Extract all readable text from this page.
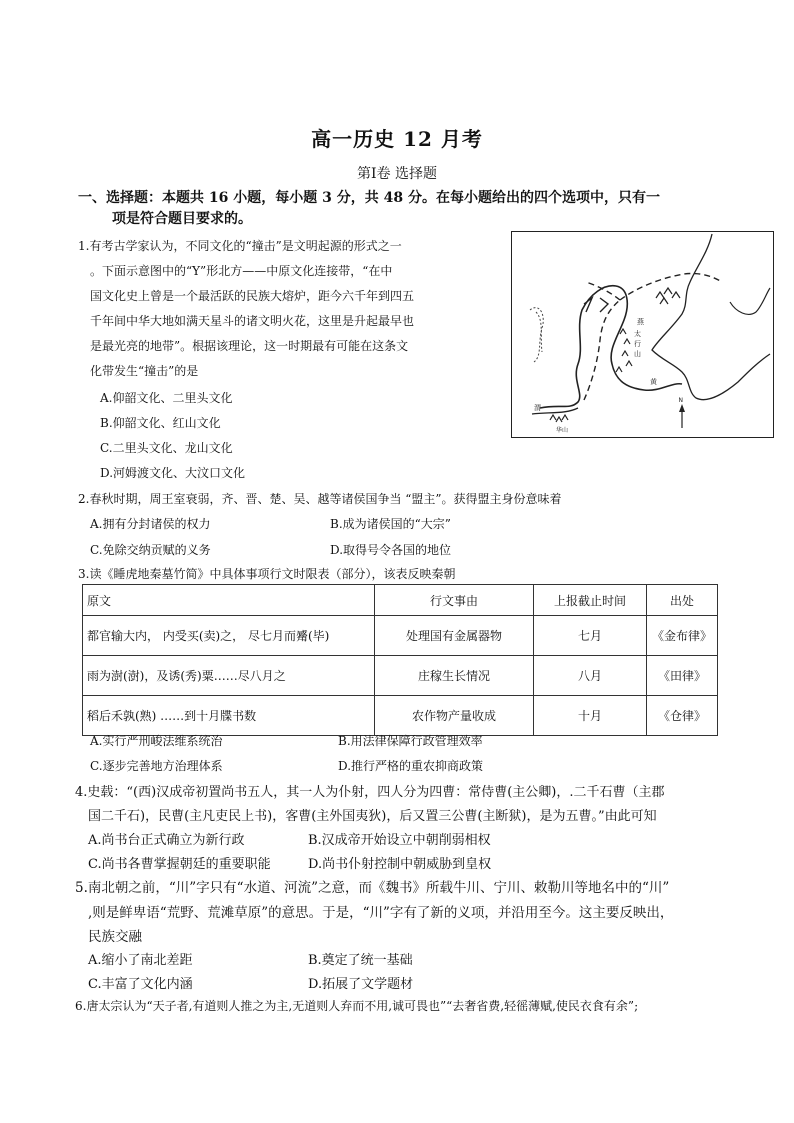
高一历史 12 月考
第Ⅰ卷 选择题
一、选择题：本题共 16 小题，每小题 3 分，共 48 分。在每小题给出的四个选项中，只有一
项是符合题目要求的。
1.有考古学家认为，不同文化的“撞击”是文明起源的形式之一
。下面示意图中的“Y”形北方——中原文化连接带，“在中
国文化史上曾是一个最活跃的民族大熔炉，距今六千年到四五
千年间中华大地如满天星斗的诸文明火花，这里是升起最早也
是最光亮的地带”。根据该理论，这一时期最有可能在这条文
化带发生“撞击”的是
A.仰韶文化、二里头文化
B.仰韶文化、红山文化
C.二里头文化、龙山文化
D.河姆渡文化、大汶口文化
燕
太
行
山
渭
黄
华山
N
2.春秋时期，周王室衰弱，齐、晋、楚、吴、越等诸侯国争当 “盟主”。获得盟主身份意味着
A.拥有分封诸侯的权力	B.成为诸侯国的“大宗”
C.免除交纳贡赋的义务	D.取得号令各国的地位
3.读《睡虎地秦墓竹简》中具体事项行文时限表（部分），该表反映秦朝
原文	行文事由	上报截止时间	出处
都官输大内， 内受买(卖)之， 尽七月而觱(毕)	处理国有金属器物	七月	《金布律》
雨为澍(澍)，及诱(秀)粟……尽八月之	庄稼生长情况	八月	《田律》
稻后禾孰(熟) ……到十月牒书数	农作物产量收成	十月	《仓律》
A.实行严刑峻法维系统治	B.用法律保障行政管理效率
C.逐步完善地方治理体系	D.推行严格的重农抑商政策
4.史载：“(西)汉成帝初置尚书五人，其一人为仆射，四人分为四曹：常侍曹(主公卿)，.二千石曹（主郡
国二千石)，民曹(主凡吏民上书)，客曹(主外国夷狄)，后又置三公曹(主断狱)，是为五曹。”由此可知
A.尚书台正式确立为新行政	B.汉成帝开始设立中朝削弱相权
C.尚书各曹掌握朝廷的重要职能	D.尚书仆射控制中朝威胁到皇权
5.南北朝之前，“川”字只有“水道、河流”之意，而《魏书》所载牛川、宁川、敕勒川等地名中的“川”
,则是鲜卑语“荒野、荒滩草原”的意思。于是，“川”字有了新的义项，并沿用至今。这主要反映出，
民族交融
A.缩小了南北差距	B.奠定了统一基础
C.丰富了文化内涵	D.拓展了文学题材
6.唐太宗认为“天子者,有道则人推之为主,无道则人弃而不用,诚可畏也”“去奢省费,轻徭薄赋,使民衣食有余”;
